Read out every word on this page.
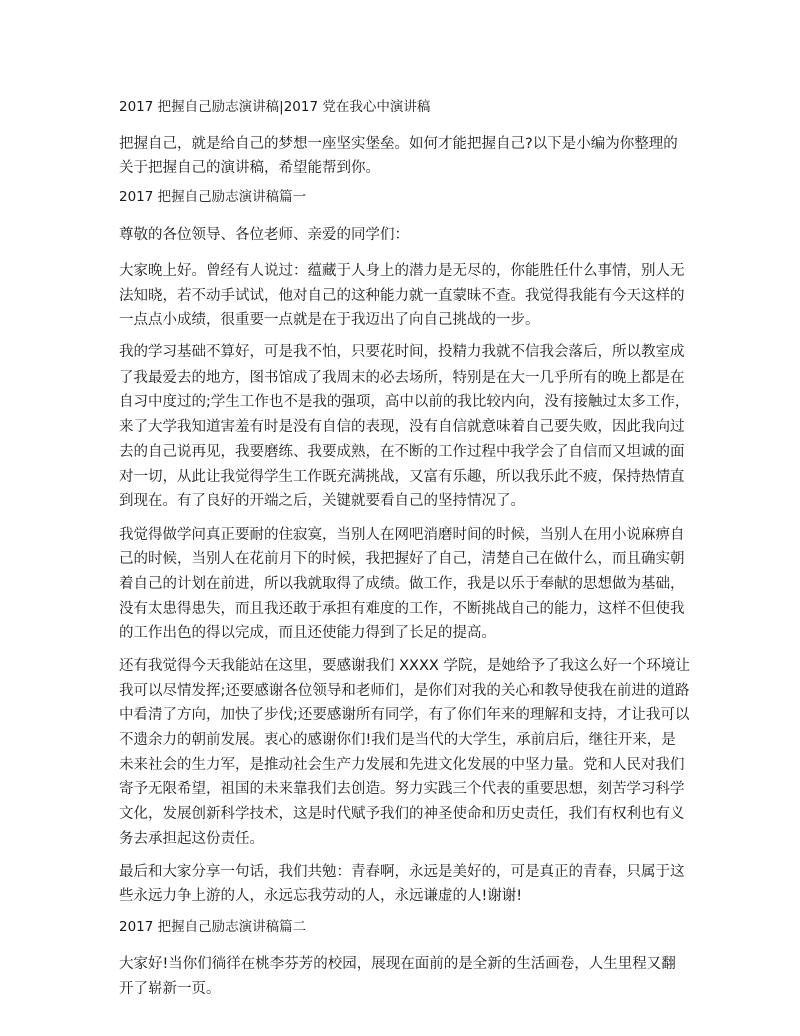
2017 把握自己励志演讲稿|2017 党在我心中演讲稿
把握自己，就是给自己的梦想一座坚实堡垒。如何才能把握自己?以下是小编为你整理的
关于把握自己的演讲稿，希望能帮到你。
2017 把握自己励志演讲稿篇一
尊敬的各位领导、各位老师、亲爱的同学们：
大家晚上好。曾经有人说过：蕴藏于人身上的潜力是无尽的，你能胜任什么事情，别人无
法知晓，若不动手试试，他对自己的这种能力就一直蒙昧不查。我觉得我能有今天这样的
一点点小成绩，很重要一点就是在于我迈出了向自己挑战的一步。
我的学习基础不算好，可是我不怕，只要花时间，投精力我就不信我会落后，所以教室成
了我最爱去的地方，图书馆成了我周末的必去场所，特别是在大一几乎所有的晚上都是在
自习中度过的;学生工作也不是我的强项，高中以前的我比较内向，没有接触过太多工作，
来了大学我知道害羞有时是没有自信的表现，没有自信就意味着自己要失败，因此我向过
去的自己说再见，我要磨练、我要成熟，在不断的工作过程中我学会了自信而又坦诚的面
对一切，从此让我觉得学生工作既充满挑战，又富有乐趣，所以我乐此不疲，保持热情直
到现在。有了良好的开端之后，关键就要看自己的坚持情况了。
我觉得做学问真正要耐的住寂寞，当别人在网吧消磨时间的时候，当别人在用小说麻痹自
己的时候，当别人在花前月下的时候，我把握好了自己，清楚自己在做什么，而且确实朝
着自己的计划在前进，所以我就取得了成绩。做工作，我是以乐于奉献的思想做为基础，
没有太患得患失，而且我还敢于承担有难度的工作，不断挑战自己的能力，这样不但使我
的工作出色的得以完成，而且还使能力得到了长足的提高。
还有我觉得今天我能站在这里，要感谢我们 XXXX 学院，是她给予了我这么好一个环境让
我可以尽情发挥;还要感谢各位领导和老师们，是你们对我的关心和教导使我在前进的道路
中看清了方向，加快了步伐;还要感谢所有同学，有了你们年来的理解和支持，才让我可以
不遗余力的朝前发展。衷心的感谢你们!我们是当代的大学生，承前启后，继往开来，是
未来社会的生力军，是推动社会生产力发展和先进文化发展的中坚力量。党和人民对我们
寄予无限希望，祖国的未来靠我们去创造。努力实践三个代表的重要思想，刻苦学习科学
文化，发展创新科学技术，这是时代赋予我们的神圣使命和历史责任，我们有权利也有义
务去承担起这份责任。
最后和大家分享一句话，我们共勉：青春啊，永远是美好的，可是真正的青春，只属于这
些永远力争上游的人，永远忘我劳动的人，永远谦虚的人!谢谢!
2017 把握自己励志演讲稿篇二
大家好!当你们徜徉在桃李芬芳的校园，展现在面前的是全新的生活画卷，人生里程又翻
开了崭新一页。
